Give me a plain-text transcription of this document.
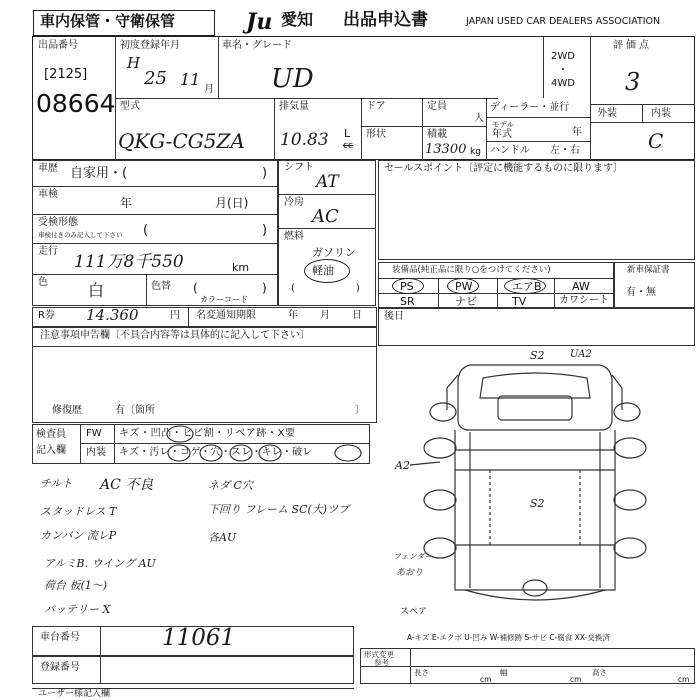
車内保管・守衛保管	Ju 愛知 出品申込書	JAPAN USED CAR DEALERS ASSOCIATION
出品番号
[2125]
08664
初度登録年月
H
25 11
月
車名・グレード
UD
型式
QKG-CG5ZA
排気量
10.83 L
cc
ドア
形状
定員
人
積載
13300 kg
ディーラー・並行
モデル
年式	年
ハンドル 左・右
2WD
・
4WD
評価点
3
外装	内装
C
車歴 自家用・(	)
車検
年	月(日)
受検形態
車検付きのみ記入して下さい (	)
走行
111万8千550	km
色	白	色替 (	)
カラーコード
シフト
AT
冷房
AC
燃料
ガソリン
軽油
(	)
セールスポイント〔評定に機能するものに限ります〕
装備品(純正品に限り○をつけてください)
PS	PW	エアB	AW
SR	ナビ	TV	カワシート
新車保証書
有・無
R券 14.360	円 名変通知期限	年 月 日 後日
注意事項申告欄〔不具合内容等は具体的に記入して下さい〕
修復歴	有〔箇所	〕
検査員
記入欄
FW キズ・凹凸・ヒビ割・リペア跡・X要
内装 キズ・汚レ・コゲ・穴・スレ・キレ・破レ
チルト AC 不良	ネダ C穴
スタッドレス T	下回り フレーム SC(大)ツブ
カンバン 流レP	各AU
アルミB. ウイング AU
荷台 板(1〜)
バッテリー X
S2	UA2
A2
S2
フェンダー
あおり
スペア
A-キズ E-エクボ U-凹み W-補修跡 S-サビ C-腐食 XX-交換済
車台番号	11061
登録番号
形式変更
参考
長さ
cm
幅
cm
高さ
cm
ユーザー様記入欄
